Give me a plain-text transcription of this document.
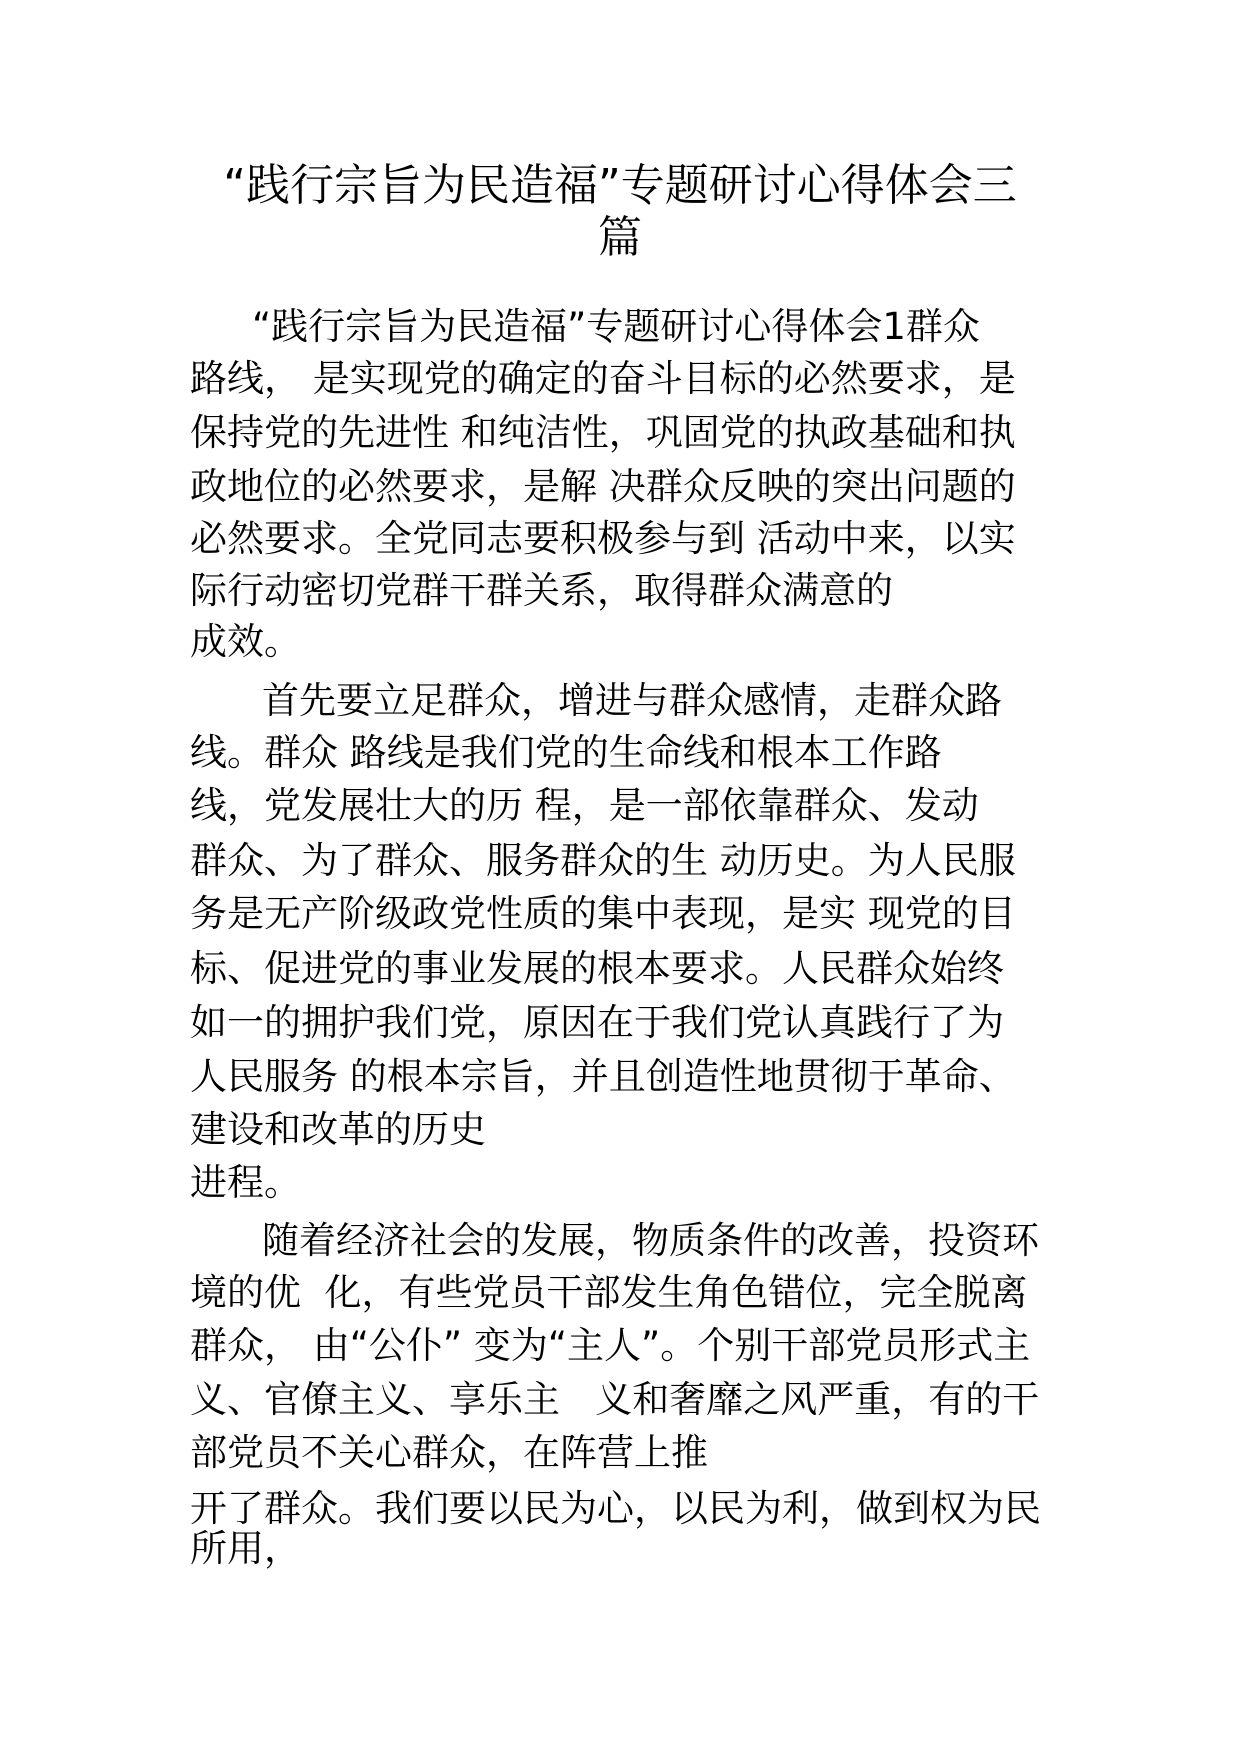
“践行宗旨为民造福”专题研讨心得体会三
篇
“践行宗旨为民造福”专题研讨心得体会1群众
路线， 是实现党的确定的奋斗目标的必然要求，是
保持党的先进性 和纯洁性，巩固党的执政基础和执
政地位的必然要求，是解 决群众反映的突出问题的
必然要求。全党同志要积极参与到 活动中来，以实
际行动密切党群干群关系，取得群众满意的
成效。
首先要立足群众，增进与群众感情，走群众路
线。群众 路线是我们党的生命线和根本工作路
线，党发展壮大的历 程，是一部依靠群众、发动
群众、为了群众、服务群众的生 动历史。为人民服
务是无产阶级政党性质的集中表现，是实 现党的目
标、促进党的事业发展的根本要求。人民群众始终
如一的拥护我们党，原因在于我们党认真践行了为
人民服务 的根本宗旨，并且创造性地贯彻于革命、
建设和改革的历史
进程。
随着经济社会的发展，物质条件的改善，投资环
境的优  化，有些党员干部发生角色错位，完全脱离
群众， 由“公仆” 变为“主人”。个别干部党员形式主
义、官僚主义、享乐主   义和奢靡之风严重，有的干
部党员不关心群众，在阵营上推
开了群众。我们要以民为心，以民为利，做到权为民
所用，
